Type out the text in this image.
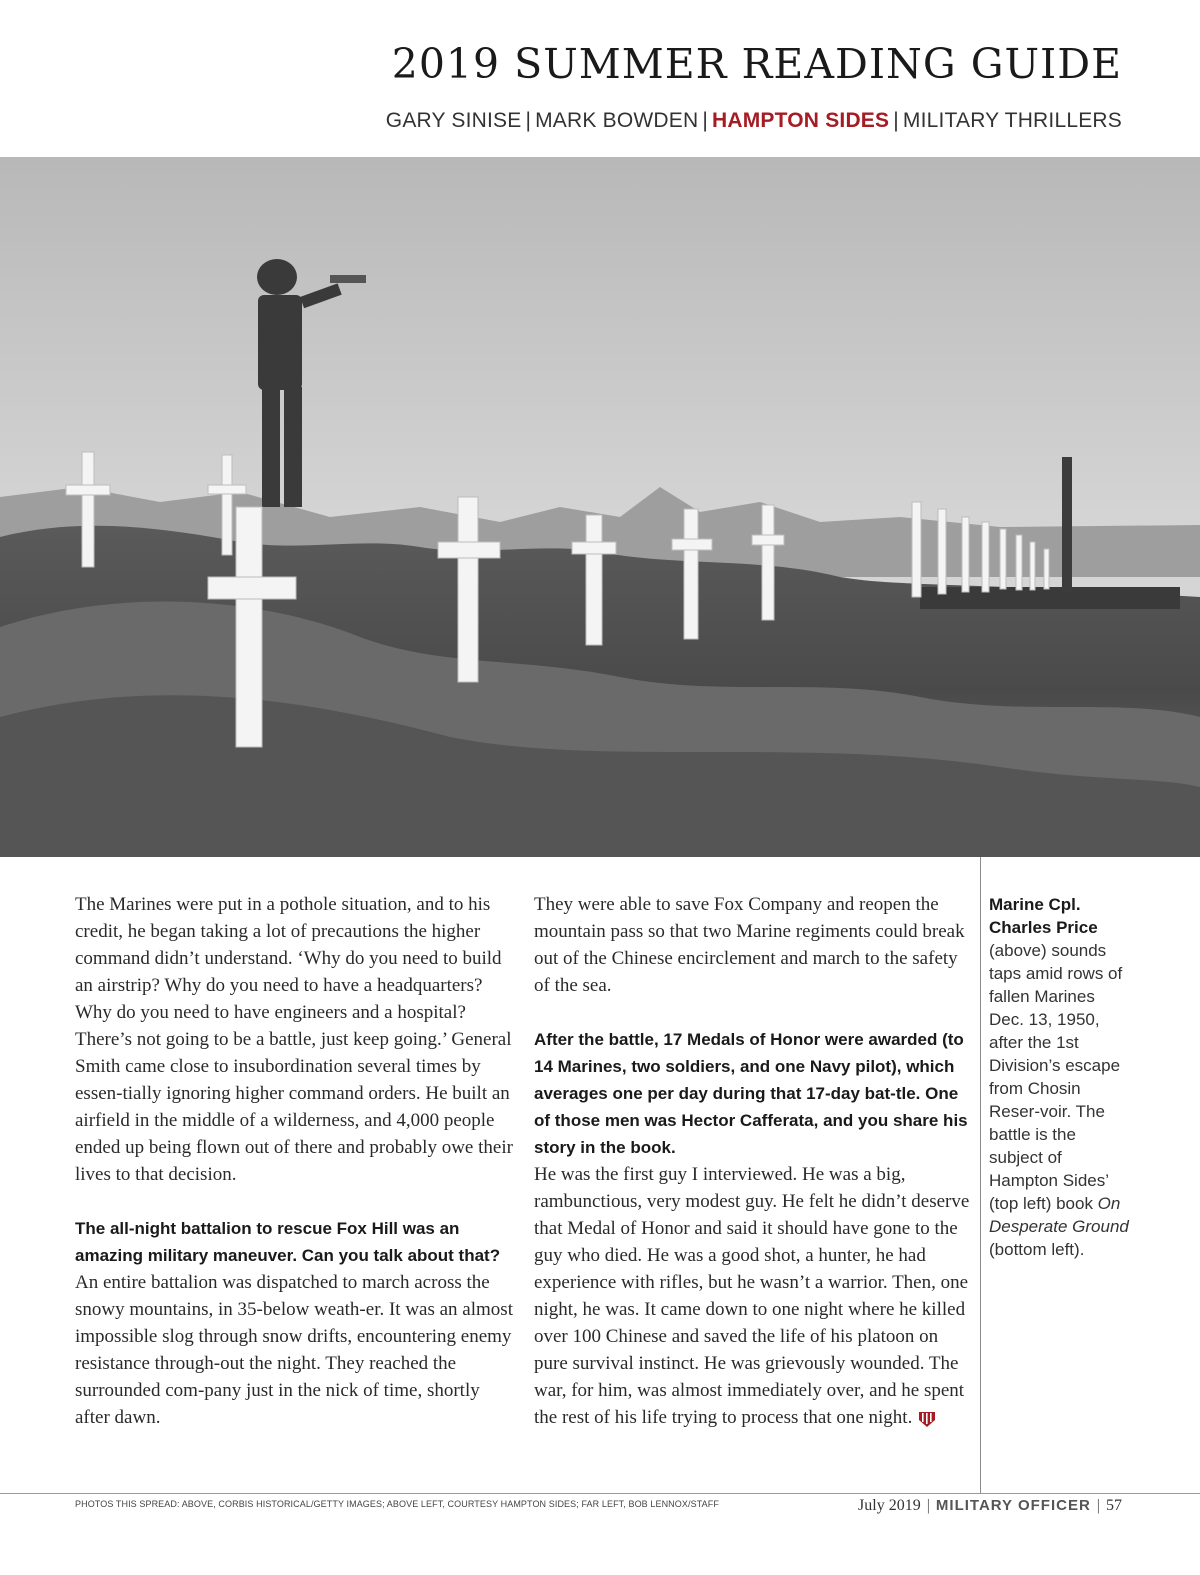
2019 SUMMER READING GUIDE
GARY SINISE | MARK BOWDEN | HAMPTON SIDES | MILITARY THRILLERS

The Marines were put in a pothole situation, and to his credit, he began taking a lot of precautions the higher command didn’t understand. ‘Why do you need to build an airstrip? Why do you need to have a headquarters? Why do you need to have engineers and a hospital? There’s not going to be a battle, just keep going.’ General Smith came close to insubordination several times by essen-tially ignoring higher command orders. He built an airfield in the middle of a wilderness, and 4,000 people ended up being flown out of there and probably owe their lives to that decision.

The all-night battalion to rescue Fox Hill was an amazing military maneuver. Can you talk about that?

An entire battalion was dispatched to march across the snowy mountains, in 35-below weath-er. It was an almost impossible slog through snow drifts, encountering enemy resistance through-out the night. They reached the surrounded com-pany just in the nick of time, shortly after dawn.

They were able to save Fox Company and reopen the mountain pass so that two Marine regiments could break out of the Chinese encirclement and march to the safety of the sea.

After the battle, 17 Medals of Honor were awarded (to 14 Marines, two soldiers, and one Navy pilot), which averages one per day during that 17-day bat-tle. One of those men was Hector Cafferata, and you share his story in the book.

He was the first guy I interviewed. He was a big, rambunctious, very modest guy. He felt he didn’t deserve that Medal of Honor and said it should have gone to the guy who died. He was a good shot, a hunter, he had experience with rifles, but he wasn’t a warrior. Then, one night, he was. It came down to one night where he killed over 100 Chinese and saved the life of his platoon on pure survival instinct. He was grievously wounded. The war, for him, was almost immediately over, and he spent the rest of his life trying to process that one night.

Marine Cpl. Charles Price (above) sounds taps amid rows of fallen Marines Dec. 13, 1950, after the 1st Division’s escape from Chosin Reser-voir. The battle is the subject of Hampton Sides’ (top left) book On Desperate Ground (bottom left).
PHOTOS THIS SPREAD: ABOVE, CORBIS HISTORICAL/GETTY IMAGES; ABOVE LEFT, COURTESY HAMPTON SIDES; FAR LEFT, BOB LENNOX/STAFF	July 2019 | MILITARY OFFICER | 57
